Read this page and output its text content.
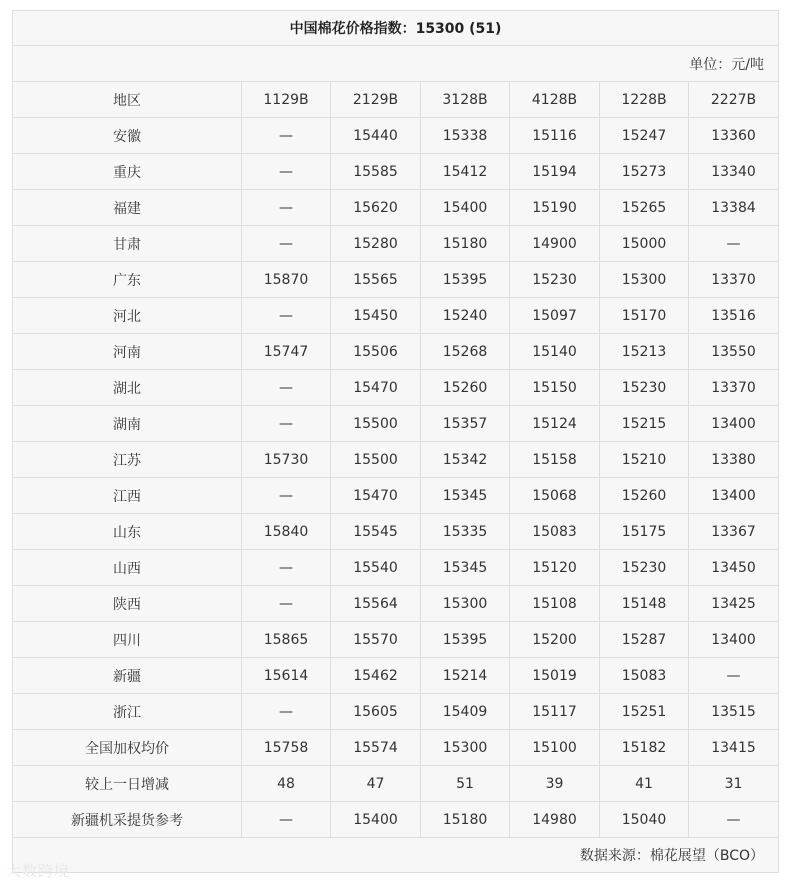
中国棉花价格指数：15300 (51)						
单位：元/吨						
地区	1129B	2129B	3128B	4128B	1228B	2227B
安徽	—	15440	15338	15116	15247	13360
重庆	—	15585	15412	15194	15273	13340
福建	—	15620	15400	15190	15265	13384
甘肃	—	15280	15180	14900	15000	—
广东	15870	15565	15395	15230	15300	13370
河北	—	15450	15240	15097	15170	13516
河南	15747	15506	15268	15140	15213	13550
湖北	—	15470	15260	15150	15230	13370
湖南	—	15500	15357	15124	15215	13400
江苏	15730	15500	15342	15158	15210	13380
江西	—	15470	15345	15068	15260	13400
山东	15840	15545	15335	15083	15175	13367
山西	—	15540	15345	15120	15230	13450
陕西	—	15564	15300	15108	15148	13425
四川	15865	15570	15395	15200	15287	13400
新疆	15614	15462	15214	15019	15083	—
浙江	—	15605	15409	15117	15251	13515
全国加权均价	15758	15574	15300	15100	15182	13415
较上一日增减	48	47	51	39	41	31
新疆机采提货参考	—	15400	15180	14980	15040	—
数据来源：棉花展望（BCO）						
大数跨境
